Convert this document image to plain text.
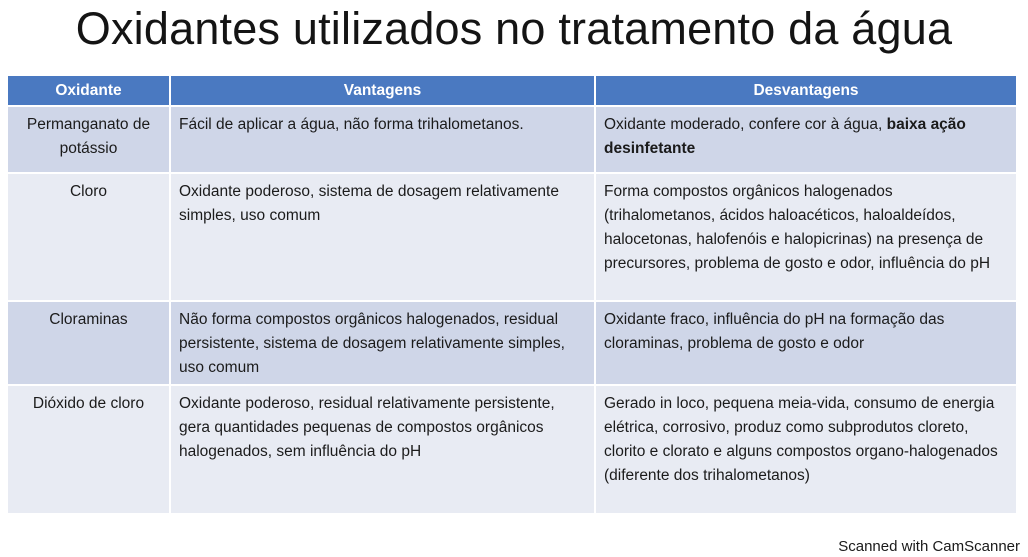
Oxidantes utilizados no tratamento da água
Oxidante	Vantagens	Desvantagens
Permanganato de potássio	Fácil de aplicar a água, não forma trihalometanos.	Oxidante moderado, confere cor à água, baixa ação desinfetante
Cloro	Oxidante poderoso, sistema de dosagem relativamente simples, uso comum	Forma compostos orgânicos halogenados (trihalometanos, ácidos haloacéticos, haloaldeídos, halocetonas, halofenóis e halopicrinas) na presença de precursores, problema de gosto e odor, influência do pH
Cloraminas	Não forma compostos orgânicos halogenados, residual persistente, sistema de dosagem relativamente simples, uso comum	Oxidante fraco, influência do pH na formação das cloraminas, problema de gosto e odor
Dióxido de cloro	Oxidante poderoso, residual relativamente persistente, gera quantidades pequenas de compostos orgânicos halogenados, sem influência do pH	Gerado in loco, pequena meia-vida, consumo de energia elétrica, corrosivo, produz como subprodutos cloreto, clorito e clorato e alguns compostos organo-halogenados (diferente dos trihalometanos)
Scanned with CamScanner
